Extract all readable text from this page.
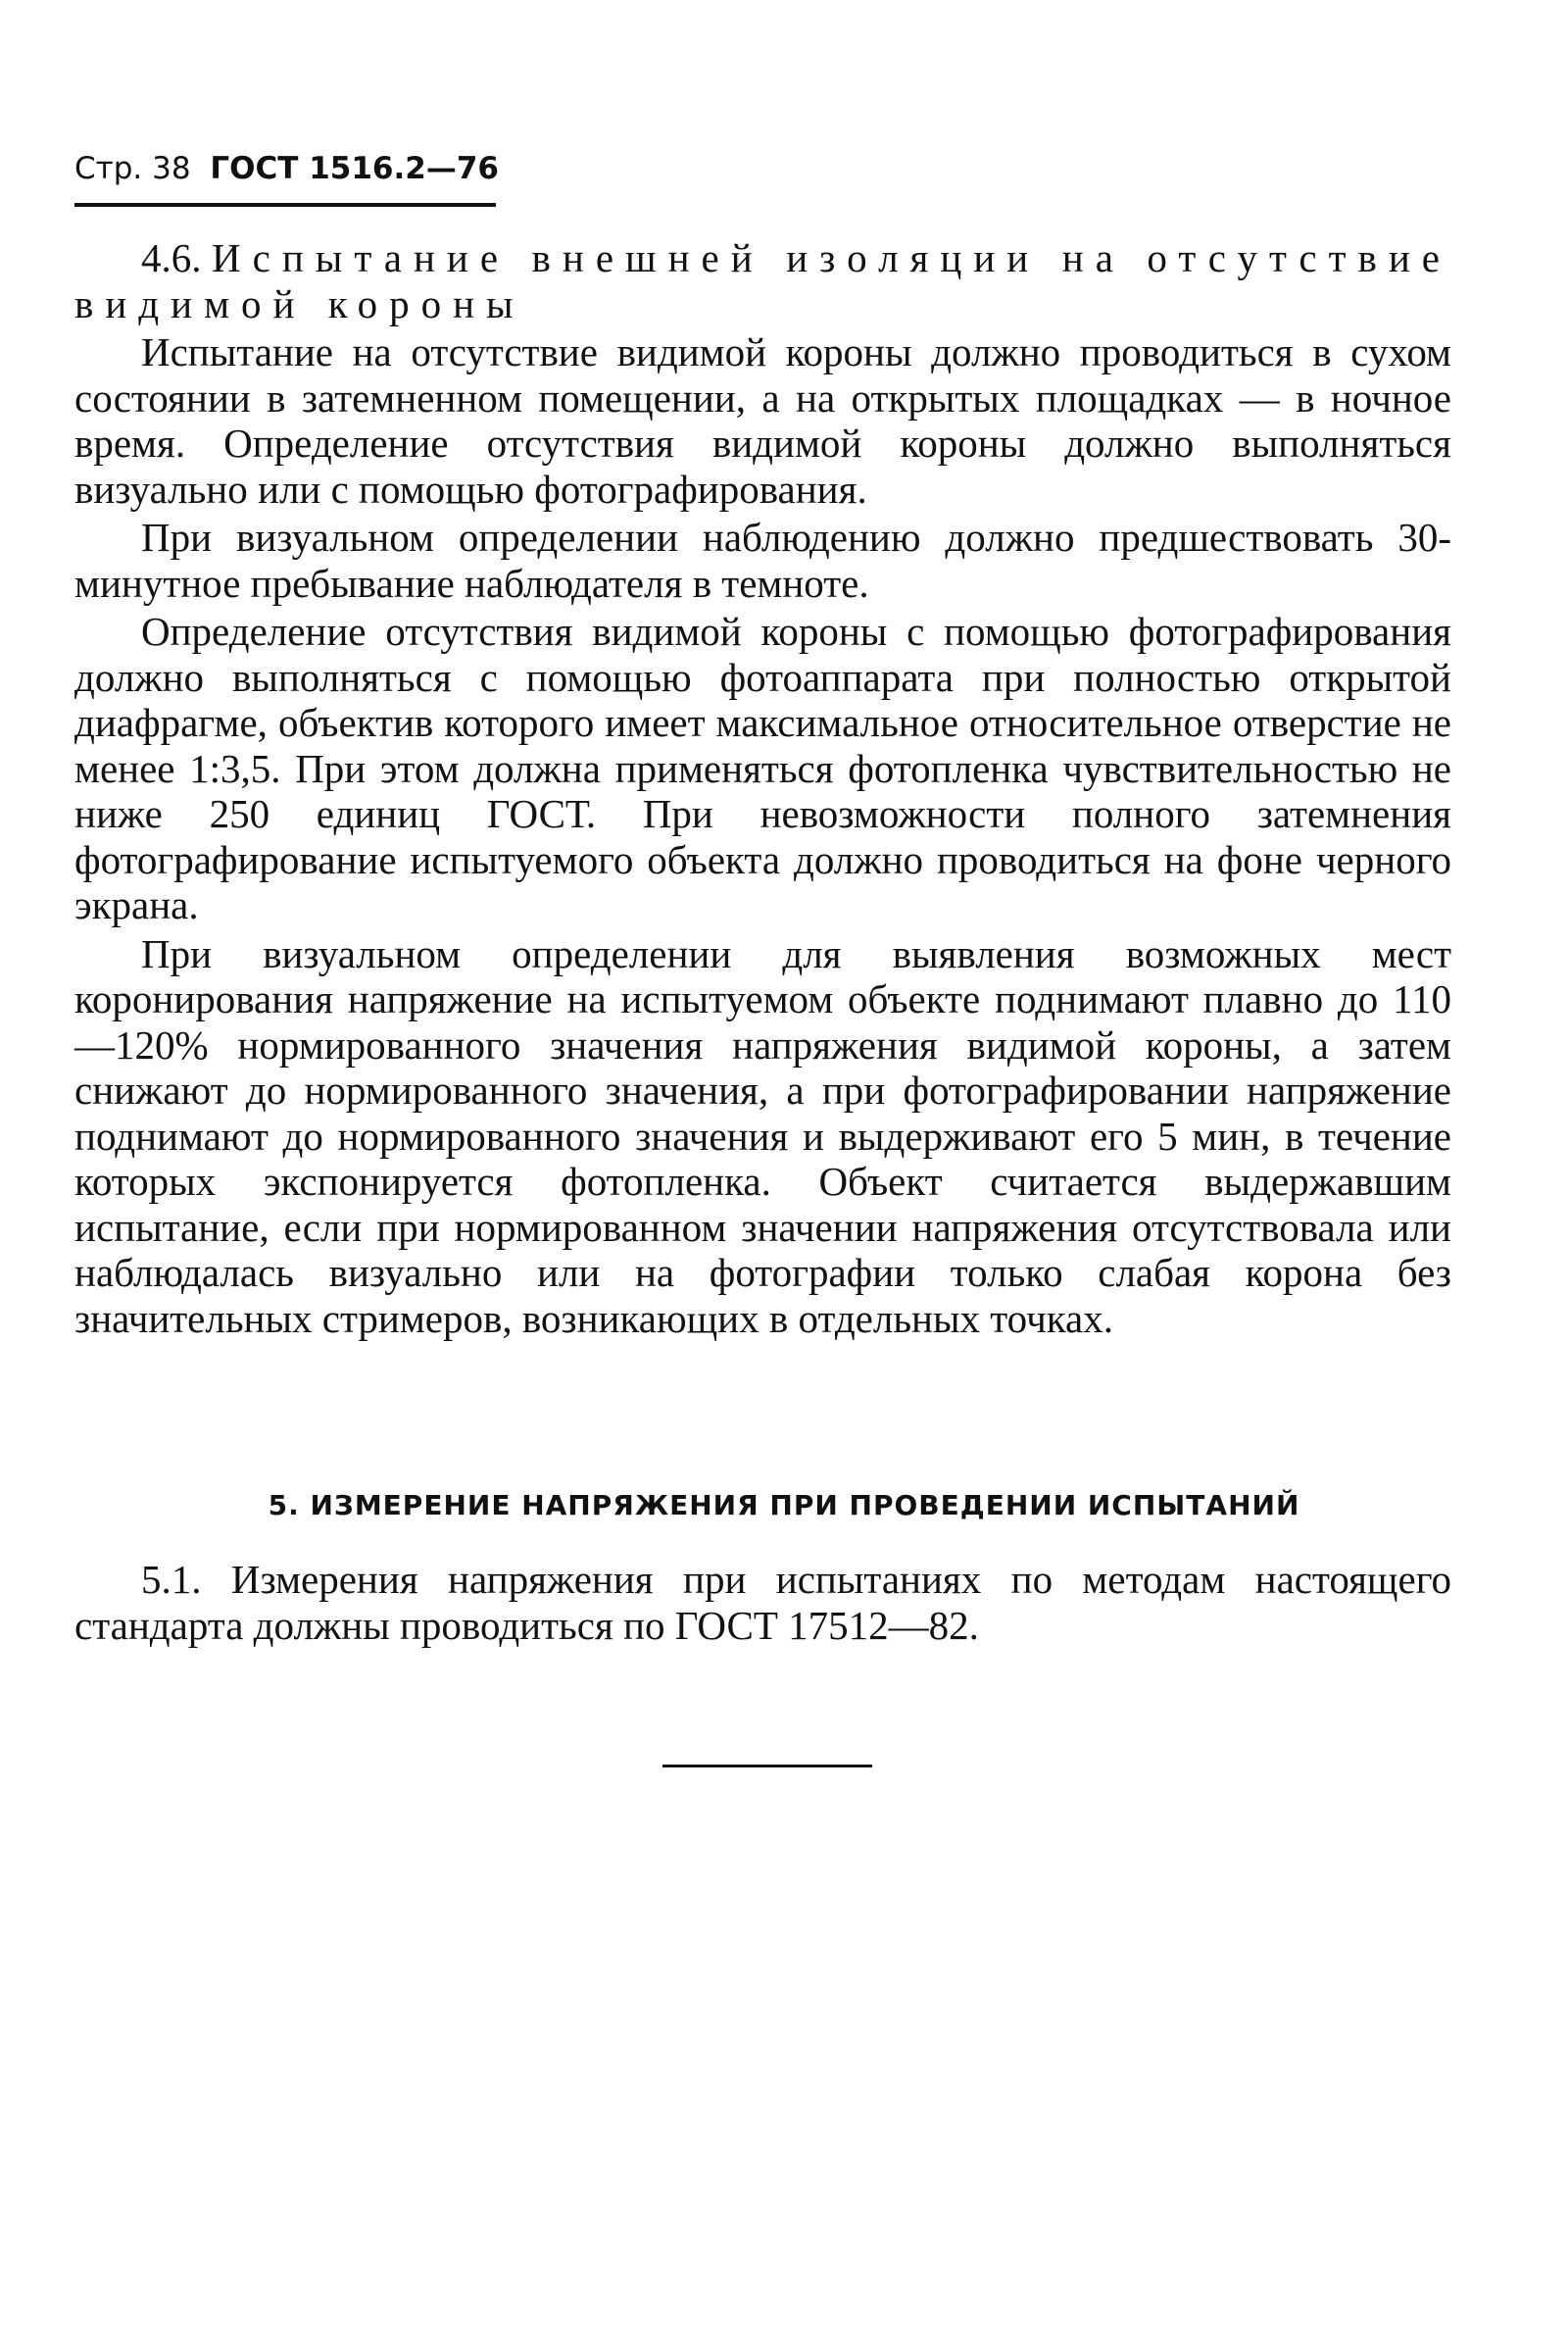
Стр. 38 ГОСТ 1516.2—76

4.6. Испытание внешней изоляции на отсутствие видимой короны

Испытание на отсутствие видимой короны должно проводиться в сухом состоянии в затемненном помещении, а на открытых площадках — в ночное время. Определение отсутствия видимой короны должно выполняться визуально или с помощью фотографирования.

При визуальном определении наблюдению должно предшествовать 30-минутное пребывание наблюдателя в темноте.

Определение отсутствия видимой короны с помощью фотографирования должно выполняться с помощью фотоаппарата при полностью открытой диафрагме, объектив которого имеет максимальное относительное отверстие не менее 1:3,5. При этом должна применяться фотопленка чувствительностью не ниже 250 единиц ГОСТ. При невозможности полного затемнения фотографирование испытуемого объекта должно проводиться на фоне черного экрана.

При визуальном определении для выявления возможных мест коронирования напряжение на испытуемом объекте поднимают плавно до 110—120% нормированного значения напряжения видимой короны, а затем снижают до нормированного значения, а при фотографировании напряжение поднимают до нормированного значения и выдерживают его 5 мин, в течение которых экспонируется фотопленка. Объект считается выдержавшим испытание, если при нормированном значении напряжения отсутствовала или наблюдалась визуально или на фотографии только слабая корона без значительных стримеров, возникающих в отдельных точках.

5. ИЗМЕРЕНИЕ НАПРЯЖЕНИЯ ПРИ ПРОВЕДЕНИИ ИСПЫТАНИЙ

5.1. Измерения напряжения при испытаниях по методам настоящего стандарта должны проводиться по ГОСТ 17512—82.
